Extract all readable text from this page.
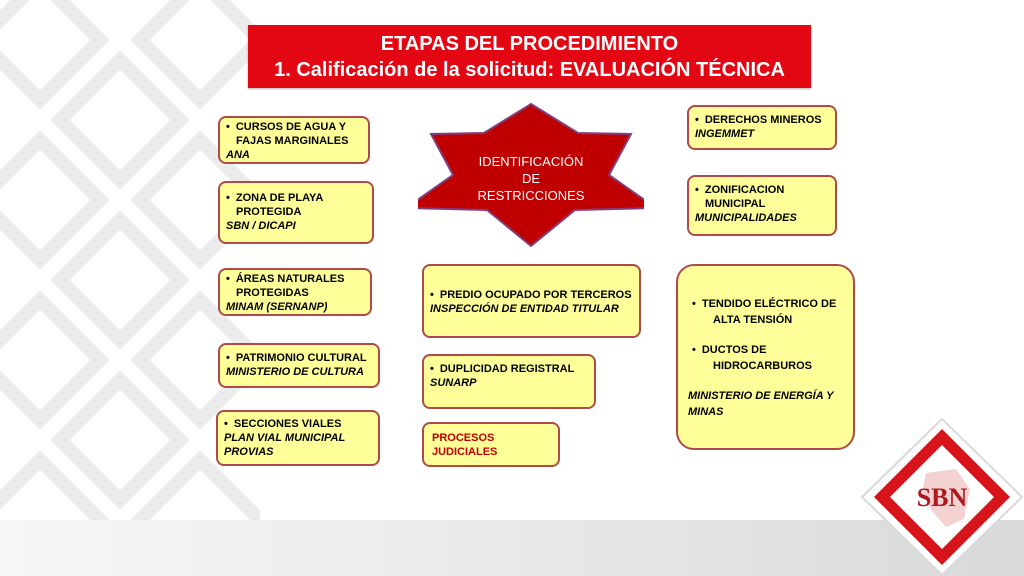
ETAPAS DEL PROCEDIMIENTO
1. Calificación de la solicitud: EVALUACIÓN TÉCNICA
IDENTIFICACIÓN
DE
RESTRICCIONES
• CURSOS DE AGUA Y
FAJAS MARGINALES
ANA
• ZONA DE PLAYA
PROTEGIDA
SBN / DICAPI
• ÁREAS NATURALES
PROTEGIDAS
MINAM (SERNANP)
• PATRIMONIO CULTURAL
MINISTERIO DE CULTURA
• SECCIONES VIALES
PLAN VIAL MUNICIPAL
PROVIAS
• PREDIO OCUPADO POR TERCEROS
INSPECCIÓN DE ENTIDAD TITULAR
• DUPLICIDAD REGISTRAL
SUNARP
PROCESOS
JUDICIALES
• DERECHOS MINEROS
INGEMMET
• ZONIFICACION
MUNICIPAL
MUNICIPALIDADES
• TENDIDO ELÉCTRICO DE
ALTA TENSIÓN
• DUCTOS DE
HIDROCARBUROS
MINISTERIO DE ENERGÍA Y
MINAS
SBN
